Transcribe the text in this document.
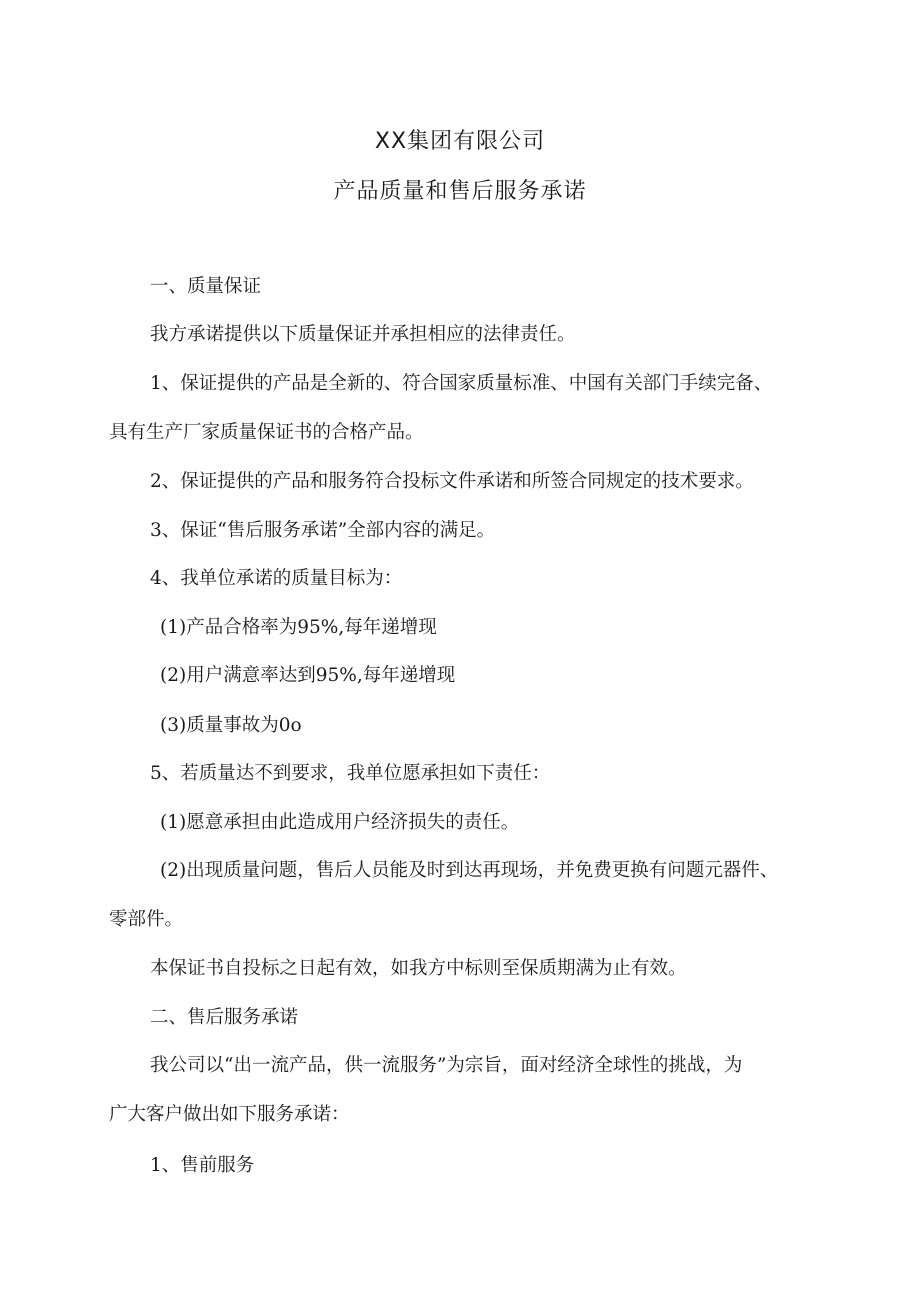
XX集团有限公司
产品质量和售后服务承诺
一、质量保证
我方承诺提供以下质量保证并承担相应的法律责任。
1、保证提供的产品是全新的、符合国家质量标准、中国有关部门手续完备、
具有生产厂家质量保证书的合格产品。
2、保证提供的产品和服务符合投标文件承诺和所签合同规定的技术要求。
3、保证“售后服务承诺”全部内容的满足。
4、我单位承诺的质量目标为：
(1)产品合格率为95%,每年递增现
(2)用户满意率达到95%,每年递增现
(3)质量事故为0o
5、若质量达不到要求，我单位愿承担如下责任：
(1)愿意承担由此造成用户经济损失的责任。
(2)出现质量问题，售后人员能及时到达再现场，并免费更换有问题元器件、
零部件。
本保证书自投标之日起有效，如我方中标则至保质期满为止有效。
二、售后服务承诺
我公司以“出一流产品，供一流服务”为宗旨，面对经济全球性的挑战，为
广大客户做出如下服务承诺：
1、售前服务
